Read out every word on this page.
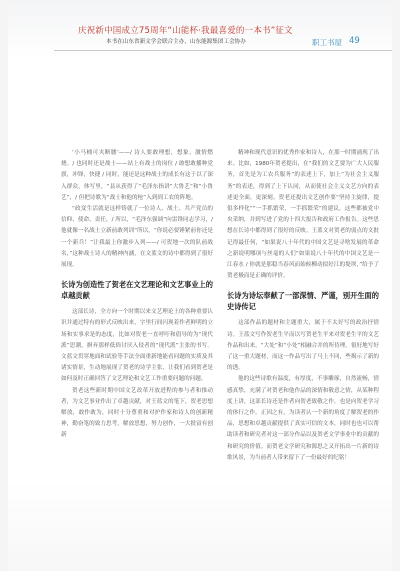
庆祝新中国成立75周年“山能杯·我最喜爱的一本书”征文
本书在山东省新文学会联合主办，山东能源集团工会协办	职工书屋 49

‘小马桶可夹断腰’——/ 诗人要敢理想，想象，激情燃烧。/ 也同时还是战士——站上有战士的岗位 / 敢想敢播种党旗，冲锋，快捷 / 同时，能还是这种战士的成长有这于以了深入群众，体写里，“县从获得了“毛泽东指讲“大鲁艺”和“小鲁艺”，/ 但把诗歌为“战士和他的枪”入到到工农的阵地。

“政变生活就是这样铸就了一位诗人、战士、共产党员的信仰、使命、责任，/ 所以，“毛泽东强调”向雷锋同志学习，/ 他就像一名战士立新前敢列训“所以，“你说必要锤紧前你还是一个新兵！”让我最上你激步入列——/ 可贺地一次的队前战名，”这种战士诗人的精神内涵，在文蓝文的诗中都得到了很好展现。

长诗为创造性了贺老在文艺理论和文艺事业上的卓越贡献

这部长诗，全方向一个时期以来文艺理论上的各种重要认识并通过特有的形式反映出来，字里行间闪现着作者鲜明的立场和实事求是的态度，比如对贺老一直呼吁和倡导的为“现代派”思潮，摒弃那样低俗讨厌入侵者的“现代派”主张的书写。文蓝文贯穿地面和试验等手法全面重新地能看问题的实质及其诸实情景，生动地展现了贺老的诗学主张，让我们看到贺老是如何及时正确回答了文艺理论和文艺工作重要问题的问题。

贺老这些新时期中国文艺改革开放进程的参与者和推动者，为文艺事业作出了卓越贡献，对王蓝文的笔下，贺老思想解放，敢作敢为，同时十分尊重和对护作家和诗人的创新精神，勤奋笔的致力思考，解放思想，努力创作，一大批富有创新

精神和现代意识的优秀作家和诗人，在那一时期涌现了出来。比如，1980年贺老提出，在“我们的文艺要为广大人民服务，首先是为工农兵服务”的表述上下，加上“为社会主义服务”的表述，得到了上下认同，从而使社会主义文艺方向的表述更全面，更深刻。贺老还提出文艺创作要“坚持主旋律，提倡多样化”“一手抓繁荣，一手抓繁荣”的建议，这些都被党中央采纳，并到写进了党的十四大报告和政府工作报告。这些思想在长诗中都得到了很好的反映。王蓝文对贺老的弱点的文批记得最任何，“如果说八十年代的中国文艺是寻啥发展的革命之新说明哪项与丝毫的人们“如果说八十年代的中国文艺是一江春水 / 你就是那稳当春风而始候柳动拟好江的堤坝，”给予了贺老极而是正确的评价。

长诗为诗坛奉献了一部深情、严谨，别开生面的史诗传记

这部作品的题材和主题重大，属于不太好写的政治抒情诗。王蓝文写作贺老生平而以写贺老生平来对贺老生平的文艺作品和出来，“大处”和“小处”相融合并的所侍理。很好地写好了这一重大题材，而这一作品写出了马上不同，些揭示了新的的透。

他的这些诗歌有温度，有厚度，不事雕琢，自然流畅，情感真挚，充满了对贺老和他作品的深情和敬意之情，从某种程度上讲，这部长诗还是作者向贺老致敬之作，也是向贺老学习的体行之作。正因之有，为读者认一个新的角度了解贺老的作品，思想和卓越贡献提供了真实可信的文本，同时也也可以帮助读者和研究者对这一部分作品以及贺老文学事业中的贡献的和研究的价值。而贺老文学研究和源思之又开拓出一片新的诗歌风景，为当前者人带来留下了一份最好的纪铭！
